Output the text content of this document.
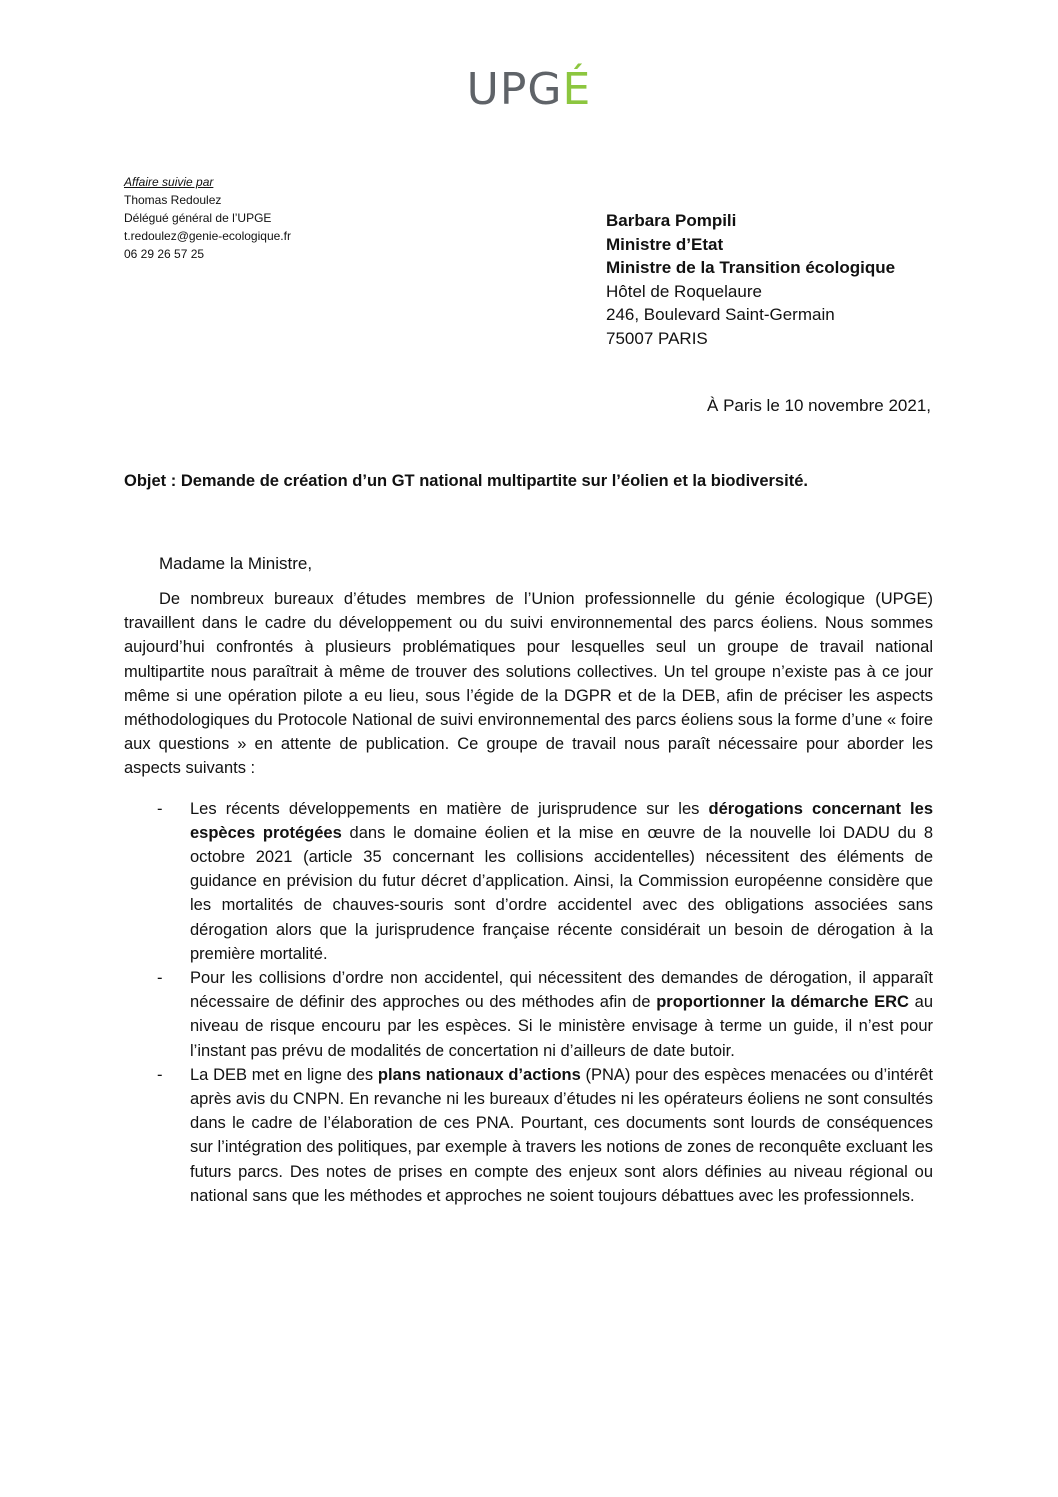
UPGÉ
Affaire suivie par
Thomas Redoulez
Délégué général de l’UPGE
t.redoulez@genie-ecologique.fr
06 29 26 57 25
Barbara Pompili
Ministre d’Etat
Ministre de la Transition écologique
Hôtel de Roquelaure
246, Boulevard Saint-Germain
75007 PARIS
À Paris le 10 novembre 2021,
Objet : Demande de création d’un GT national multipartite sur l’éolien et la biodiversité.
Madame la Ministre,

De nombreux bureaux d’études membres de l’Union professionnelle du génie écologique (UPGE) travaillent dans le cadre du développement ou du suivi environnemental des parcs éoliens. Nous sommes aujourd’hui confrontés à plusieurs problématiques pour lesquelles seul un groupe de travail national multipartite nous paraîtrait à même de trouver des solutions collectives. Un tel groupe n’existe pas à ce jour même si une opération pilote a eu lieu, sous l’égide de la DGPR et de la DEB, afin de préciser les aspects méthodologiques du Protocole National de suivi environnemental des parcs éoliens sous la forme d’une « foire aux questions » en attente de publication. Ce groupe de travail nous paraît nécessaire pour aborder les aspects suivants :

- Les récents développements en matière de jurisprudence sur les dérogations concernant les espèces protégées dans le domaine éolien et la mise en œuvre de la nouvelle loi DADU du 8 octobre 2021 (article 35 concernant les collisions accidentelles) nécessitent des éléments de guidance en prévision du futur décret d’application. Ainsi, la Commission européenne considère que les mortalités de chauves-souris sont d’ordre accidentel avec des obligations associées sans dérogation alors que la jurisprudence française récente considérait un besoin de dérogation à la première mortalité.
- Pour les collisions d’ordre non accidentel, qui nécessitent des demandes de dérogation, il apparaît nécessaire de définir des approches ou des méthodes afin de proportionner la démarche ERC au niveau de risque encouru par les espèces. Si le ministère envisage à terme un guide, il n’est pour l’instant pas prévu de modalités de concertation ni d’ailleurs de date butoir.
- La DEB met en ligne des plans nationaux d’actions (PNA) pour des espèces menacées ou d’intérêt après avis du CNPN. En revanche ni les bureaux d’études ni les opérateurs éoliens ne sont consultés dans le cadre de l’élaboration de ces PNA. Pourtant, ces documents sont lourds de conséquences sur l’intégration des politiques, par exemple à travers les notions de zones de reconquête excluant les futurs parcs. Des notes de prises en compte des enjeux sont alors définies au niveau régional ou national sans que les méthodes et approches ne soient toujours débattues avec les professionnels.
